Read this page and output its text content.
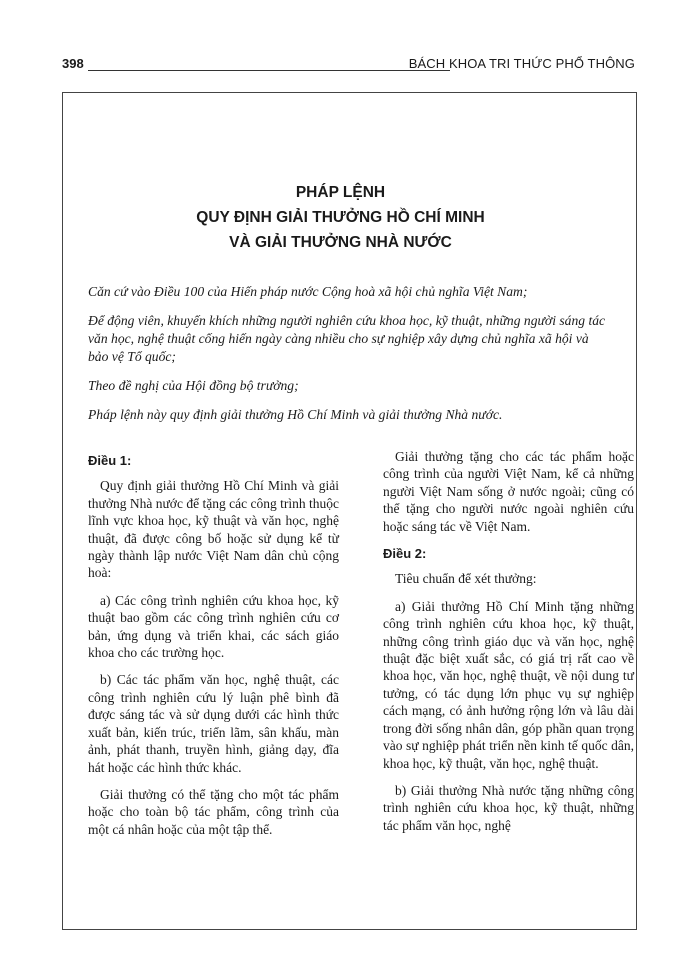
398	BÁCH KHOA TRI THỨC PHỔ THÔNG
PHÁP LỆNH
QUY ĐỊNH GIẢI THƯỞNG HỒ CHÍ MINH
VÀ GIẢI THƯỞNG NHÀ NƯỚC

Căn cứ vào Điều 100 của Hiến pháp nước Cộng hoà xã hội chủ nghĩa Việt Nam;

Để động viên, khuyến khích những người nghiên cứu khoa học, kỹ thuật, những người sáng tác văn học, nghệ thuật cống hiến ngày càng nhiều cho sự nghiệp xây dựng chủ nghĩa xã hội và bảo vệ Tổ quốc;

Theo đề nghị của Hội đồng bộ trưởng;

Pháp lệnh này quy định giải thưởng Hồ Chí Minh và giải thưởng Nhà nước.

Điều 1:

Quy định giải thưởng Hồ Chí Minh và giải thưởng Nhà nước để tặng các công trình thuộc lĩnh vực khoa học, kỹ thuật và văn học, nghệ thuật, đã được công bố hoặc sử dụng kể từ ngày thành lập nước Việt Nam dân chủ cộng hoà:

a) Các công trình nghiên cứu khoa học, kỹ thuật bao gồm các công trình nghiên cứu cơ bản, ứng dụng và triển khai, các sách giáo khoa cho các trường học.

b) Các tác phẩm văn học, nghệ thuật, các công trình nghiên cứu lý luận phê bình đã được sáng tác và sử dụng dưới các hình thức xuất bản, kiến trúc, triển lãm, sân khấu, màn ảnh, phát thanh, truyền hình, giảng dạy, đĩa hát hoặc các hình thức khác.

Giải thưởng có thể tặng cho một tác phẩm hoặc cho toàn bộ tác phẩm, công trình của một cá nhân hoặc của một tập thể.

Giải thưởng tặng cho các tác phẩm hoặc công trình của người Việt Nam, kể cả những người Việt Nam sống ở nước ngoài; cũng có thể tặng cho người nước ngoài nghiên cứu hoặc sáng tác về Việt Nam.

Điều 2:

Tiêu chuẩn để xét thưởng:

a) Giải thưởng Hồ Chí Minh tặng những công trình nghiên cứu khoa học, kỹ thuật, những công trình giáo dục và văn học, nghệ thuật đặc biệt xuất sắc, có giá trị rất cao về khoa học, văn học, nghệ thuật, về nội dung tư tưởng, có tác dụng lớn phục vụ sự nghiệp cách mạng, có ảnh hưởng rộng lớn và lâu dài trong đời sống nhân dân, góp phần quan trọng vào sự nghiệp phát triển nền kinh tế quốc dân, khoa học, kỹ thuật, văn học, nghệ thuật.

b) Giải thưởng Nhà nước tặng những công trình nghiên cứu khoa học, kỹ thuật, những tác phẩm văn học, nghệ
